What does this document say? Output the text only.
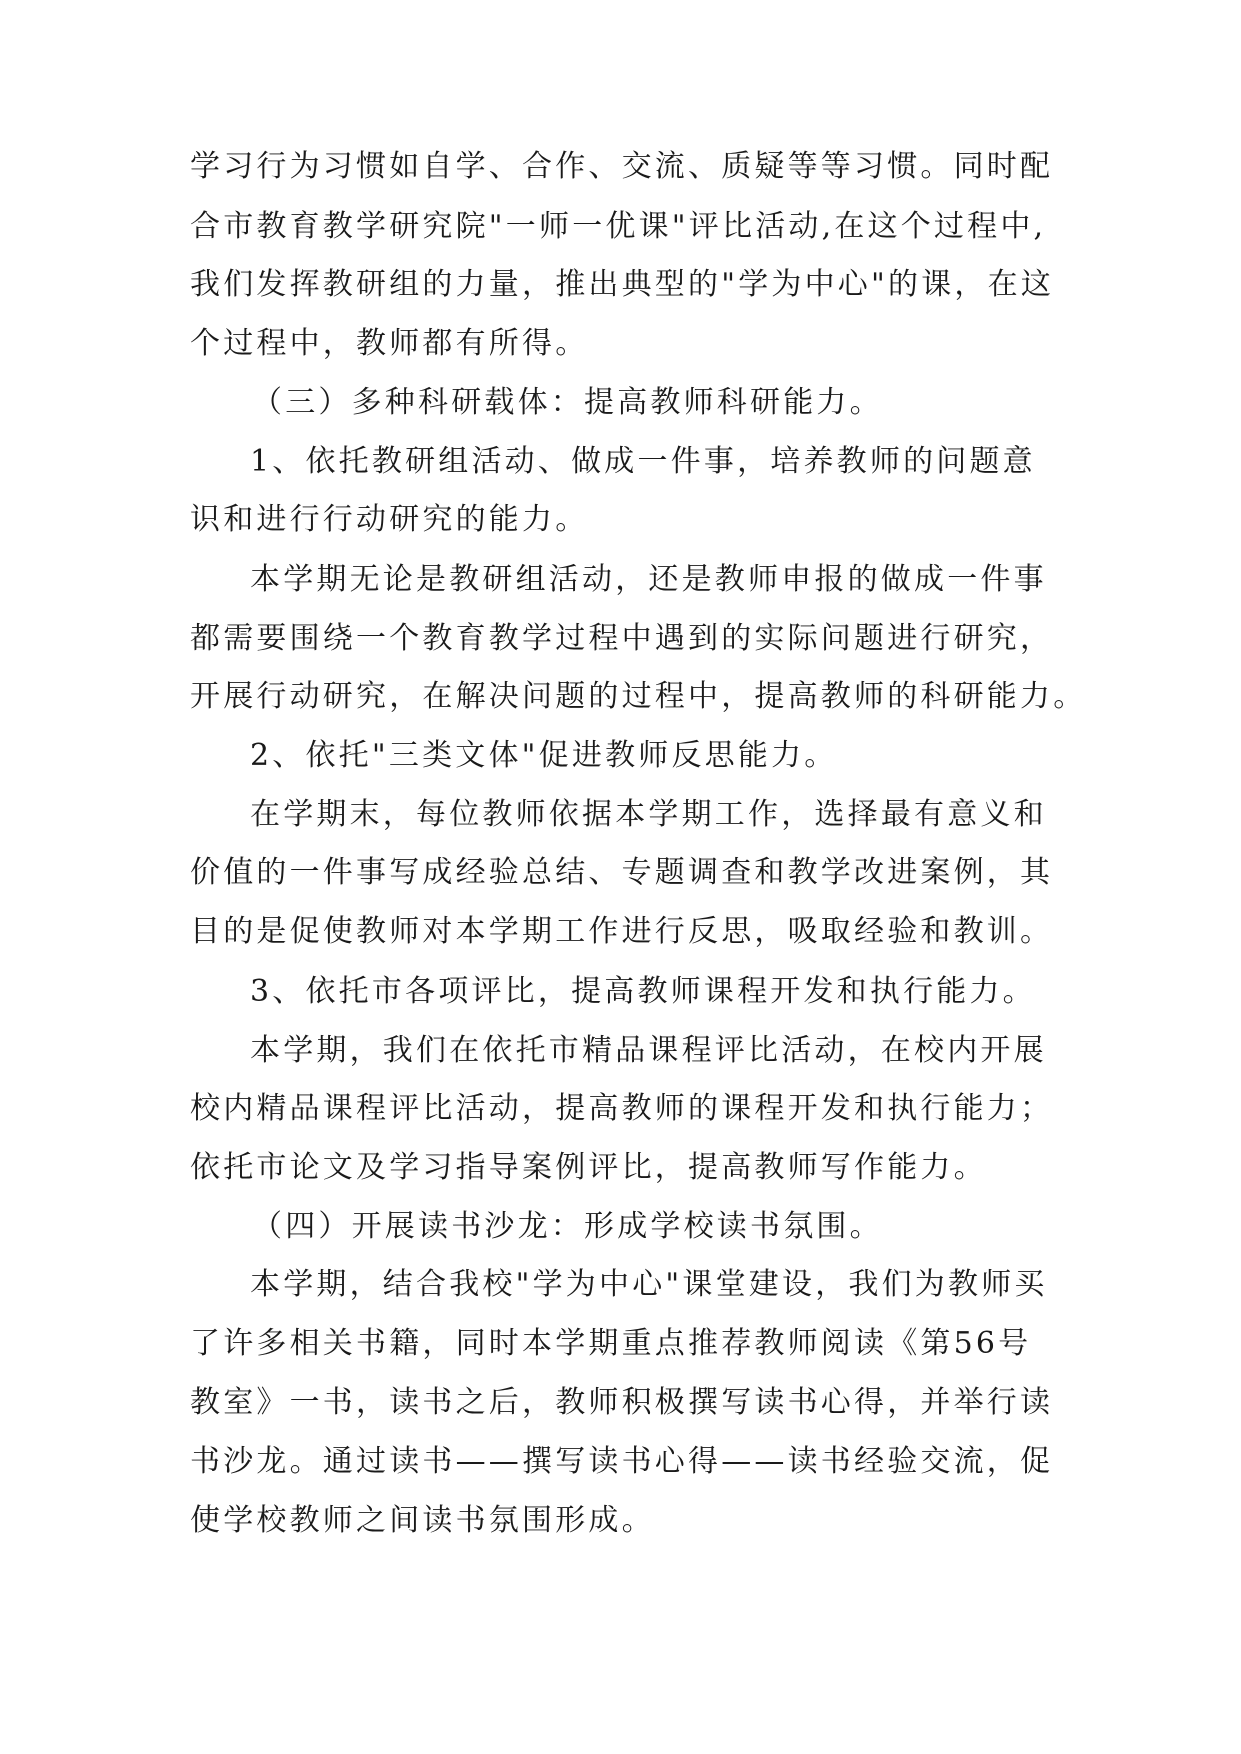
学习行为习惯如自学、合作、交流、质疑等等习惯。同时配
合市教育教学研究院"一师一优课"评比活动,在这个过程中,
我们发挥教研组的力量，推出典型的"学为中心"的课，在这
个过程中，教师都有所得。
（三）多种科研载体：提高教师科研能力。
1、依托教研组活动、做成一件事，培养教师的问题意
识和进行行动研究的能力。
本学期无论是教研组活动，还是教师申报的做成一件事
都需要围绕一个教育教学过程中遇到的实际问题进行研究，
开展行动研究，在解决问题的过程中，提高教师的科研能力。
2、依托"三类文体"促进教师反思能力。
在学期末，每位教师依据本学期工作，选择最有意义和
价值的一件事写成经验总结、专题调查和教学改进案例，其
目的是促使教师对本学期工作进行反思，吸取经验和教训。
3、依托市各项评比，提高教师课程开发和执行能力。
本学期，我们在依托市精品课程评比活动，在校内开展
校内精品课程评比活动，提高教师的课程开发和执行能力；
依托市论文及学习指导案例评比，提高教师写作能力。
（四）开展读书沙龙：形成学校读书氛围。
本学期，结合我校"学为中心"课堂建设，我们为教师买
了许多相关书籍，同时本学期重点推荐教师阅读《第56号
教室》一书，读书之后，教师积极撰写读书心得，并举行读
书沙龙。通过读书——撰写读书心得——读书经验交流，促
使学校教师之间读书氛围形成。
